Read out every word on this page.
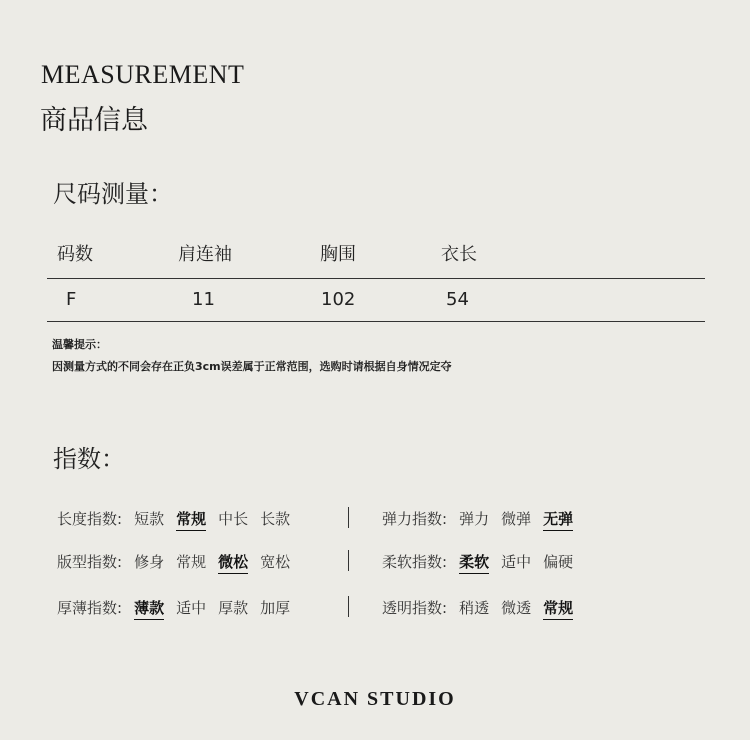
MEASUREMENT
商品信息
尺码测量：
码数	肩连袖	胸围	衣长
F	11	102	54
温馨提示：
因测量方式的不同会存在正负3cm误差属于正常范围，选购时请根据自身情况定夺
指数：
长度指数: 短款 常规 中长 长款
版型指数: 修身 常规 微松 宽松
厚薄指数: 薄款 适中 厚款 加厚
弹力指数: 弹力 微弹 无弹
柔软指数: 柔软 适中 偏硬
透明指数: 稍透 微透 常规
VCAN STUDIO
